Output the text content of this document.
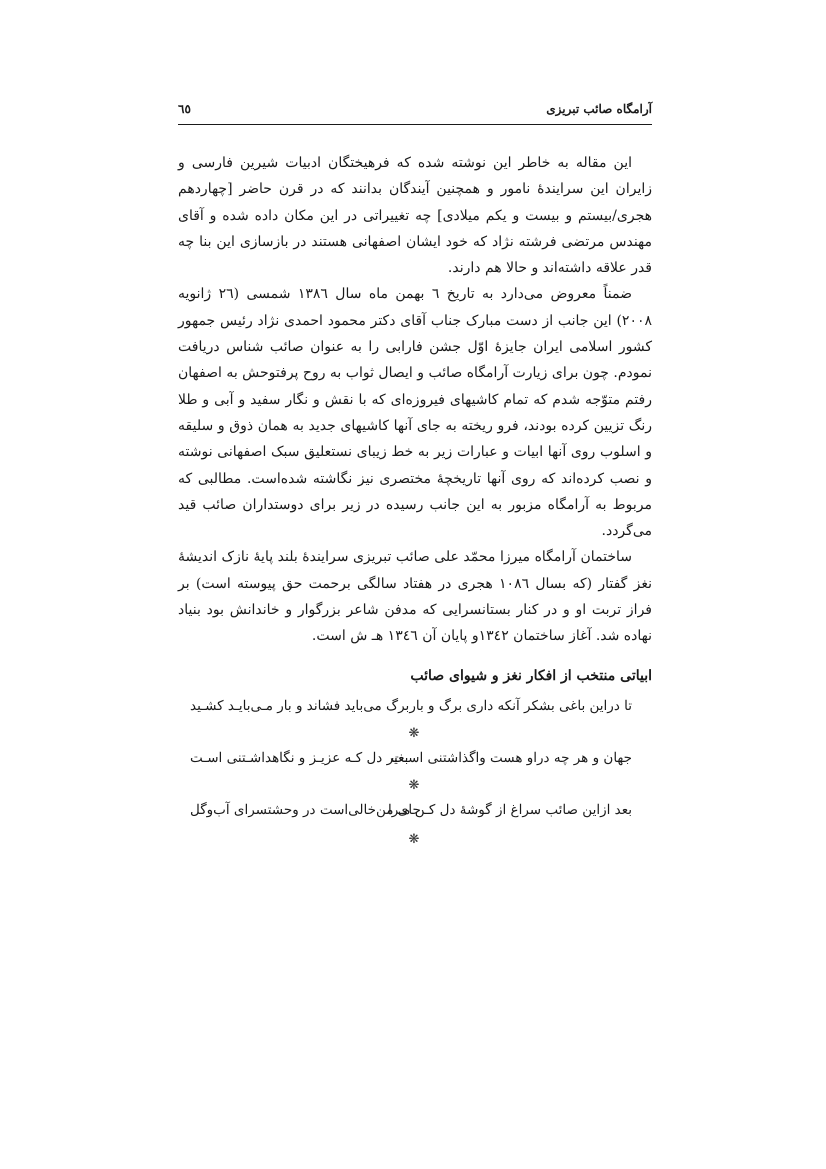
آرامگاه صائب تبریزی
٦٥

این مقاله به خاطر این نوشته شده که فرهیختگان ادبیات شیرین فارسی و زایران این سرایندهٔ نامور و همچنین آیندگان بدانند که در قرن حاضر [چهاردهم هجری/بیستم و بیست و یکم میلادی] چه تغییراتی در این مکان داده شده و آقای مهندس مرتضی فرشته نژاد که خود ایشان اصفهانی هستند در بازسازی این بنا چه قدر علاقه داشته‌اند و حالا هم دارند.

ضمناً معروض می‌دارد به تاریخ ٦ بهمن ماه سال ١٣٨٦ شمسی (٢٦ ژانویه ٢٠٠٨) این جانب از دست مبارک جناب آقای دکتر محمود احمدی نژاد رئیس جمهور کشور اسلامی ایران جایزهٔ اوّل جشن فارابی را به عنوان صائب شناس دریافت نمودم. چون برای زیارت آرامگاه صائب و ایصال ثواب به روح پرفتوحش به اصفهان رفتم متوّجه شدم که تمام کاشیهای فیروزه‌ای که با نقش و نگار سفید و آبی و طلا رنگ تزیین کرده بودند، فرو ریخته به جای آنها کاشیهای جدید به همان ذوق و سلیقه و اسلوب روی آنها ابیات و عبارات زیر به خط زیبای نستعلیق سبک اصفهانی نوشته و نصب کرده‌اند که روی آنها تاریخچهٔ مختصری نیز نگاشته شده‌است. مطالبی که مربوط به آرامگاه مزبور به این جانب رسیده در زیر برای دوستداران صائب قید می‌گردد.

ساختمان آرامگاه میرزا محمّد علی صائب تبریزی سرایندهٔ بلند پایهٔ نازک اندیشهٔ نغز گفتار (که بسال ١٠٨٦ هجری در هفتاد سالگی برحمت حق پیوسته است) بر فراز تربت او و در کنار بستانسرایی که مدفن شاعر بزرگوار و خاندانش بود بنیاد نهاده شد. آغاز ساختمان ١٣٤٢و پایان آن ١٣٤٦ هـ ش است.

ابیاتی منتخب از افکار نغز و شیوای صائب
تا دراین باغی بشکر آنکه داری برگ و بار
برگ می‌باید فشاند و بار مـی‌بایـد کشـید
❋
جهان و هر چه دراو هست واگذاشتنی اسـت
بغیر دل کـه عزیـز و نگاهداشـتنی اسـت
❋
بعد ازاین صائب سراغ از گوشهٔ دل کـن مـرا
جای من‌خالی‌است در وحشتسرای آب‌وگل
❋
